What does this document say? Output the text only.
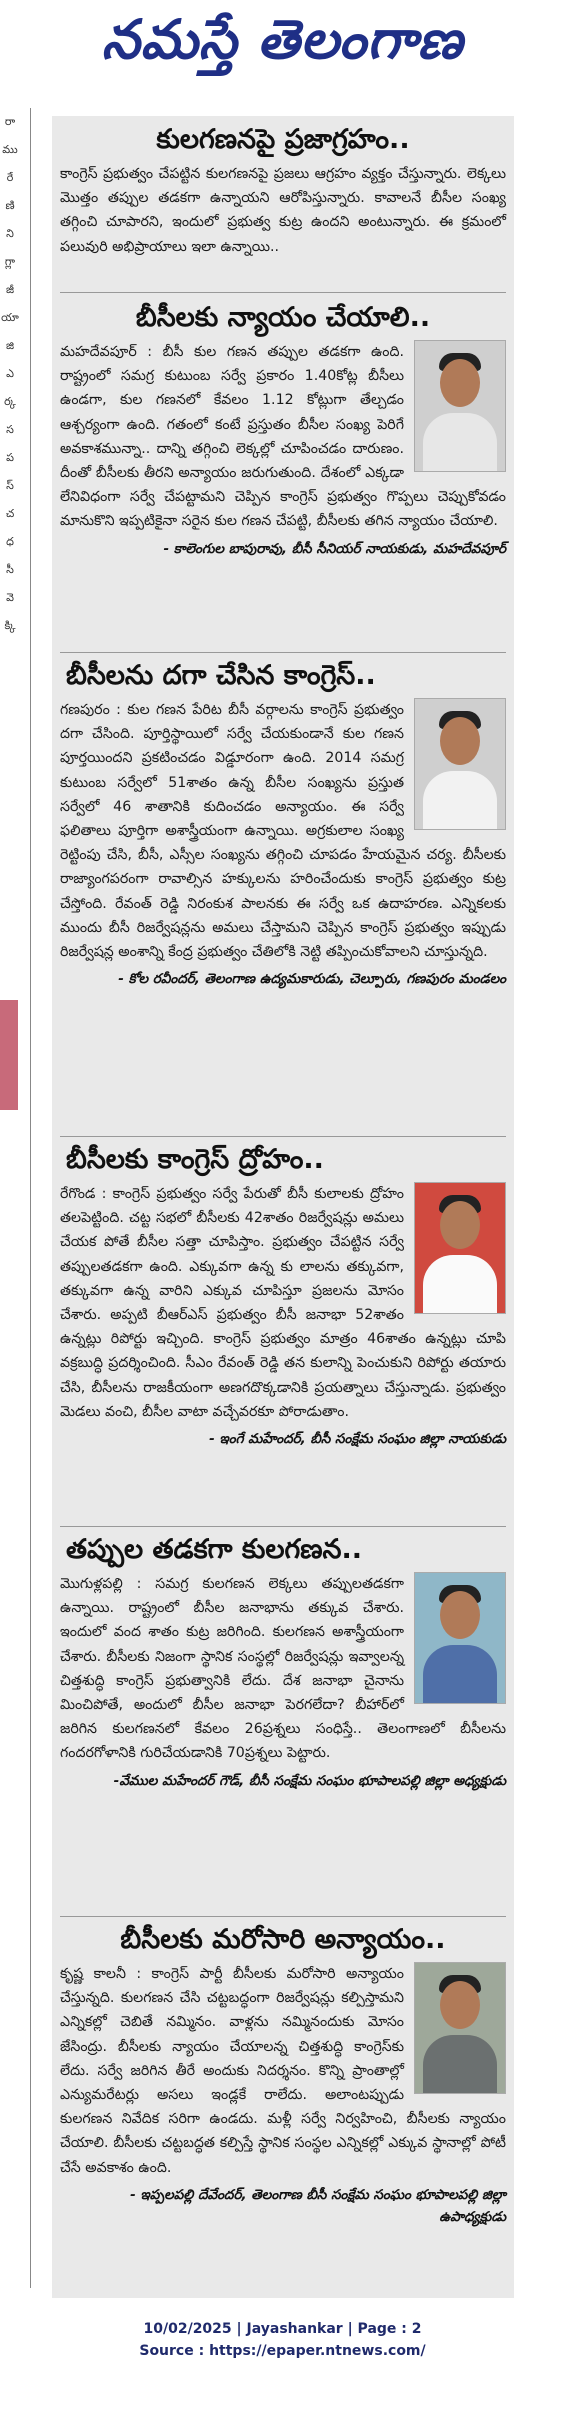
నమస్తే తెలంగాణ
రా
ము
రే
ణి
ని
గ్లా
జీ
యా
జి
ఎ
ర్క
స
ప
స్
చ
ధ
సీ
వె
క్కి
కులగణనపై ప్రజాగ్రహం..
కాంగ్రెస్ ప్రభుత్వం చేపట్టిన కులగణనపై ప్రజలు ఆగ్రహం వ్యక్తం చేస్తున్నారు. లెక్కలు మొత్తం తప్పుల తడకగా ఉన్నాయని ఆరోపిస్తున్నారు. కావాలనే బీసీల సంఖ్య తగ్గించి చూపారని, ఇందులో ప్రభుత్వ కుట్ర ఉందని అంటున్నారు. ఈ క్రమంలో పలువురి అభిప్రాయాలు ఇలా ఉన్నాయి..
బీసీలకు న్యాయం చేయాలి..
మహదేవపూర్ : బీసీ కుల గణన తప్పుల తడకగా ఉంది. రాష్ట్రంలో సమగ్ర కుటుంబ సర్వే ప్రకారం 1.40కోట్ల బీసీలు ఉండగా, కుల గణనలో కేవలం 1.12 కోట్లుగా తేల్చడం ఆశ్చర్యంగా ఉంది. గతంలో కంటే ప్రస్తుతం బీసీల సంఖ్య పెరిగే అవకాశమున్నా.. దాన్ని తగ్గించి లెక్కల్లో చూపించడం దారుణం. దీంతో బీసీలకు తీరని అన్యాయం జరుగుతుంది. దేశంలో ఎక్కడా లేనివిధంగా సర్వే చేపట్టామని చెప్పిన కాంగ్రెస్ ప్రభుత్వం గొప్పలు చెప్పుకోవడం మానుకొని ఇప్పటికైనా సరైన కుల గణన చేపట్టి, బీసీలకు తగిన న్యాయం చేయాలి.
- కాలెంగుల బాపురావు, బీసీ సీనియర్ నాయకుడు, మహదేవపూర్
బీసీలను దగా చేసిన కాంగ్రెస్..
గణపురం : కుల గణన పేరిట బీసీ వర్గాలను కాంగ్రెస్ ప్రభుత్వం దగా చేసింది. పూర్తిస్థాయిలో సర్వే చేయకుండానే కుల గణన పూర్తయిందని ప్రకటించడం విడ్డూరంగా ఉంది. 2014 సమగ్ర కుటుంబ సర్వేలో 51శాతం ఉన్న బీసీల సంఖ్యను ప్రస్తుత సర్వేలో 46 శాతానికి కుదించడం అన్యాయం. ఈ సర్వే ఫలితాలు పూర్తిగా అశాస్త్రీయంగా ఉన్నాయి. అగ్రకులాల సంఖ్య రెట్టింపు చేసి, బీసీ, ఎస్సీల సంఖ్యను తగ్గించి చూపడం హేయమైన చర్య. బీసీలకు రాజ్యాంగపరంగా రావాల్సిన హక్కులను హరించేందుకు కాంగ్రెస్ ప్రభుత్వం కుట్ర చేస్తోంది. రేవంత్ రెడ్డి నిరంకుశ పాలనకు ఈ సర్వే ఒక ఉదాహరణ. ఎన్నికలకు ముందు బీసీ రిజర్వేషన్లను అమలు చేస్తామని చెప్పిన కాంగ్రెస్ ప్రభుత్వం ఇప్పుడు రిజర్వేషన్ల అంశాన్ని కేంద్ర ప్రభుత్వం చేతిలోకి నెట్టి తప్పించుకోవాలని చూస్తున్నది.
- కోల రవీందర్, తెలంగాణ ఉద్యమకారుడు, చెల్పూరు, గణపురం మండలం
బీసీలకు కాంగ్రెస్ ద్రోహం..
రేగొండ : కాంగ్రెస్ ప్రభుత్వం సర్వే పేరుతో బీసీ కులాలకు ద్రోహం తలపెట్టింది. చట్ట సభలో బీసీలకు 42శాతం రిజర్వేషన్లు అమలు చేయక పోతే బీసీల సత్తా చూపిస్తాం. ప్రభుత్వం చేపట్టిన సర్వే తప్పులతడకగా ఉంది. ఎక్కువగా ఉన్న కు లాలను తక్కువగా, తక్కువగా ఉన్న వారిని ఎక్కువ చూపిస్తూ ప్రజలను మోసం చేశారు. అప్పటి బీఆర్ఎస్ ప్రభుత్వం బీసీ జనాభా 52శాతం ఉన్నట్లు రిపోర్టు ఇచ్చింది. కాంగ్రెస్ ప్రభుత్వం మాత్రం 46శాతం ఉన్నట్లు చూపి వక్రబుద్ధి ప్రదర్శించింది. సీఎం రేవంత్ రెడ్డి తన కులాన్ని పెంచుకుని రిపోర్టు తయారు చేసి, బీసీలను రాజకీయంగా అణగదొక్కడానికి ప్రయత్నాలు చేస్తున్నాడు. ప్రభుత్వం మెడలు వంచి, బీసీల వాటా వచ్చేవరకూ పోరాడుతాం.
- ఇంగే మహేందర్, బీసీ సంక్షేమ సంఘం జిల్లా నాయకుడు
తప్పుల తడకగా కులగణన..
మొగుళ్లపల్లి : సమగ్ర కులగణన లెక్కలు తప్పులతడకగా ఉన్నాయి. రాష్ట్రంలో బీసీల జనాభాను తక్కువ చేశారు. ఇందులో వంద శాతం కుట్ర జరిగింది. కులగణన అశాస్త్రీయంగా చేశారు. బీసీలకు నిజంగా స్థానిక సంస్థల్లో రిజర్వేషన్లు ఇవ్వాలన్న చిత్తశుద్ధి కాంగ్రెస్ ప్రభుత్వానికి లేదు. దేశ జనాభా చైనాను మించిపోతే, అందులో బీసీల జనాభా పెరగలేదా? బీహార్‌లో జరిగిన కులగణనలో కేవలం 26ప్రశ్నలు సంధిస్తే.. తెలంగాణలో బీసీలను గందరగోళానికి గురిచేయడానికి 70ప్రశ్నలు పెట్టారు.
-వేముల మహేందర్ గౌడ్, బీసీ సంక్షేమ సంఘం భూపాలపల్లి జిల్లా అధ్యక్షుడు
బీసీలకు మరోసారి అన్యాయం..
కృష్ణ కాలనీ : కాంగ్రెస్ పార్టీ బీసీలకు మరోసారి అన్యాయం చేస్తున్నది. కులగణన చేసి చట్టబద్ధంగా రిజర్వేషన్లు కల్పిస్తామని ఎన్నికల్లో చెబితే నమ్మినం. వాళ్లను నమ్మినందుకు మోసం జేసింద్రు. బీసీలకు న్యాయం చేయాలన్న చిత్తశుద్ధి కాంగ్రెస్‌కు లేదు. సర్వే జరిగిన తీరే అందుకు నిదర్శనం. కొన్ని ప్రాంతాల్లో ఎన్యుమరేటర్లు అసలు ఇండ్లకే రాలేదు. అలాంటప్పుడు కులగణన నివేదిక సరిగా ఉండదు. మళ్లీ సర్వే నిర్వహించి, బీసీలకు న్యాయం చేయాలి. బీసీలకు చట్టబద్ధత కల్పిస్తే స్థానిక సంస్థల ఎన్నికల్లో ఎక్కువ స్థానాల్లో పోటీ చేసే అవకాశం ఉంది.
- ఇప్పలపల్లి దేవేందర్, తెలంగాణ బీసీ సంక్షేమ సంఘం భూపాలపల్లి జిల్లా ఉపాధ్యక్షుడు
10/02/2025 | Jayashankar | Page : 2
Source : https://epaper.ntnews.com/
